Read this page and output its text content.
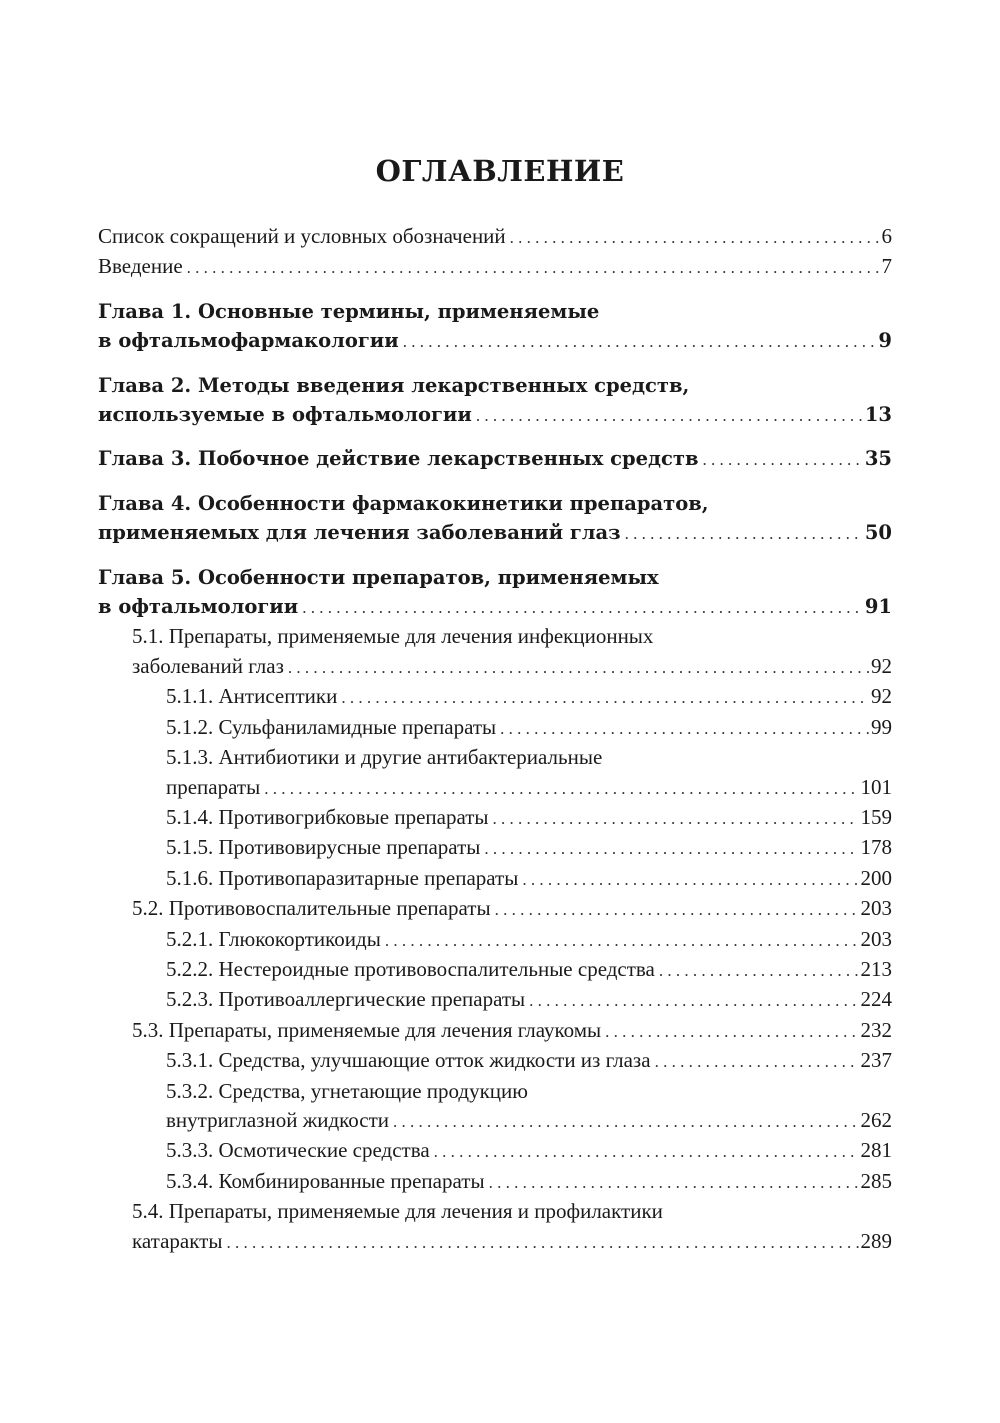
ОГЛАВЛЕНИЕ
Список сокращений и условных обозначений . . .	6
Введение . . .	7
Глава 1. Основные термины, применяемые
в офтальмофармакологии . . .	9
Глава 2. Методы введения лекарственных средств,
используемые в офтальмологии . . .	13
Глава 3. Побочное действие лекарственных средств . . .	35
Глава 4. Особенности фармакокинетики препаратов,
применяемых для лечения заболеваний глаз . . .	50
Глава 5. Особенности препаратов, применяемых
в офтальмологии . . .	91
5.1. Препараты, применяемые для лечения инфекционных
заболеваний глаз . . .	92
5.1.1. Антисептики . . .	92
5.1.2. Сульфаниламидные препараты . . .	99
5.1.3. Антибиотики и другие антибактериальные
препараты . . .	101
5.1.4. Противогрибковые препараты . . .	159
5.1.5. Противовирусные препараты . . .	178
5.1.6. Противопаразитарные препараты . . .	200
5.2. Противовоспалительные препараты . . .	203
5.2.1. Глюкокортикоиды . . .	203
5.2.2. Нестероидные противовоспалительные средства . . .	213
5.2.3. Противоаллергические препараты . . .	224
5.3. Препараты, применяемые для лечения глаукомы . . .	232
5.3.1. Средства, улучшающие отток жидкости из глаза . . .	237
5.3.2. Средства, угнетающие продукцию
внутриглазной жидкости . . .	262
5.3.3. Осмотические средства . . .	281
5.3.4. Комбинированные препараты . . .	285
5.4. Препараты, применяемые для лечения и профилактики
катаракты . . .	289
